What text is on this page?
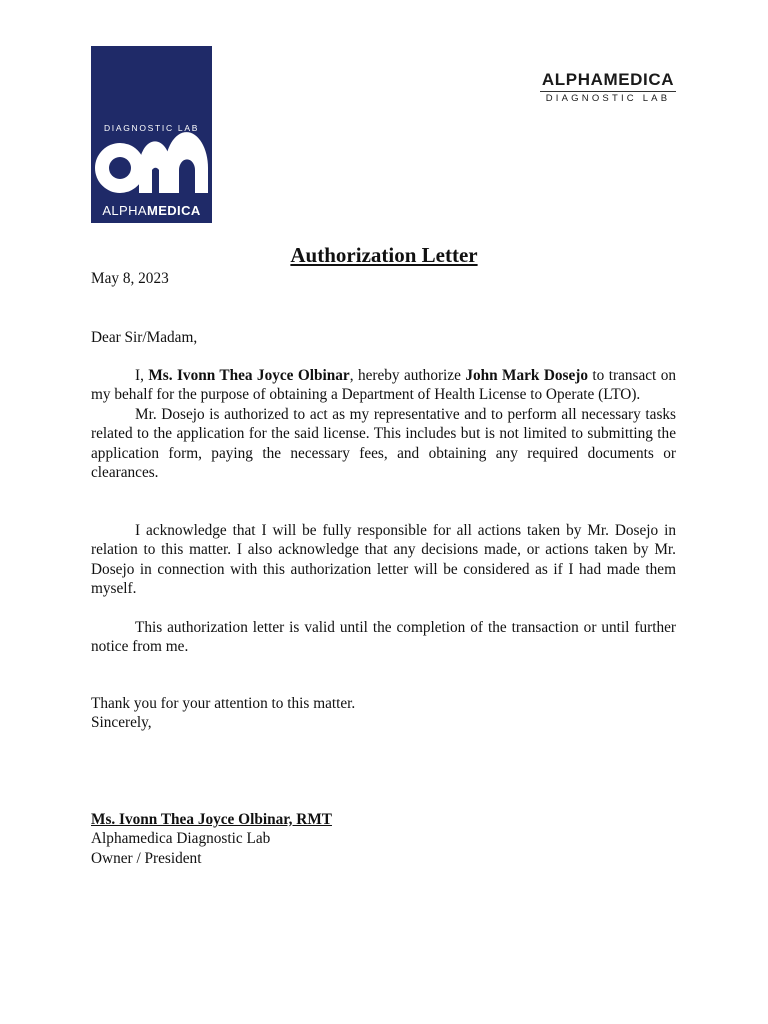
DIAGNOSTIC LAB
ALPHAMEDICA
ALPHAMEDICA
DIAGNOSTIC LAB
Authorization Letter
May 8, 2023
Dear Sir/Madam,
I, Ms. Ivonn Thea Joyce Olbinar, hereby authorize John Mark Dosejo to transact on my behalf for the purpose of obtaining a Department of Health License to Operate (LTO).
Mr. Dosejo is authorized to act as my representative and to perform all necessary tasks related to the application for the said license. This includes but is not limited to submitting the application form, paying the necessary fees, and obtaining any required documents or clearances.
I acknowledge that I will be fully responsible for all actions taken by Mr. Dosejo in relation to this matter. I also acknowledge that any decisions made, or actions taken by Mr. Dosejo in connection with this authorization letter will be considered as if I had made them myself.
This authorization letter is valid until the completion of the transaction or until further notice from me.
Thank you for your attention to this matter.
Sincerely,
Ms. Ivonn Thea Joyce Olbinar, RMT
Alphamedica Diagnostic Lab
Owner / President
